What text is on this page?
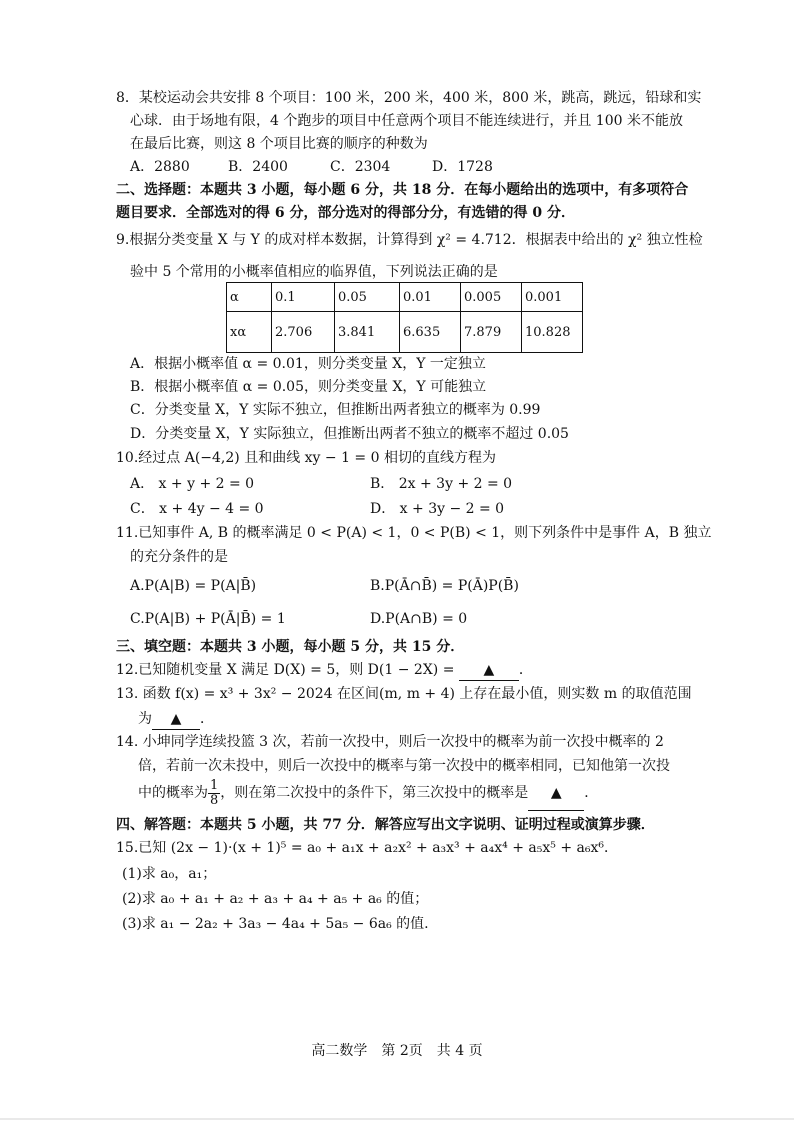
8．某校运动会共安排 8 个项目：100 米，200 米，400 米，800 米，跳高，跳远，铅球和实
心球．由于场地有限，4 个跑步的项目中任意两个项目不能连续进行，并且 100 米不能放
在最后比赛，则这 8 个项目比赛的顺序的种数为
A．2880	B．2400	C．2304	D．1728
二、选择题：本题共 3 小题，每小题 6 分，共 18 分．在每小题给出的选项中，有多项符合
题目要求．全部选对的得 6 分，部分选对的得部分分，有选错的得 0 分．
9.根据分类变量 X 与 Y 的成对样本数据，计算得到 χ² = 4.712．根据表中给出的 χ² 独立性检
验中 5 个常用的小概率值相应的临界值，下列说法正确的是
α	0.1	0.05	0.01	0.005	0.001
xα	2.706	3.841	6.635	7.879	10.828
A．根据小概率值 α = 0.01，则分类变量 X，Y 一定独立
B．根据小概率值 α = 0.05，则分类变量 X，Y 可能独立
C．分类变量 X，Y 实际不独立，但推断出两者独立的概率为 0.99
D．分类变量 X，Y 实际独立，但推断出两者不独立的概率不超过 0.05
10.经过点 A(−4,2) 且和曲线 xy − 1 = 0 相切的直线方程为
A． x + y + 2 = 0	B． 2x + 3y + 2 = 0
C． x + 4y − 4 = 0	D． x + 3y − 2 = 0
11.已知事件 A, B 的概率满足 0 < P(A) < 1，0 < P(B) < 1，则下列条件中是事件 A，B 独立
的充分条件的是
A.P(A|B) = P(A|B̄)	B.P(Ā∩B̄) = P(Ā)P(B̄)
C.P(A|B) + P(Ā|B̄) = 1	D.P(A∩B) = 0
三、填空题：本题共 3 小题，每小题 5 分，共 15 分．
12.已知随机变量 X 满足 D(X) = 5，则 D(1 − 2X) = ▲ ．
13. 函数 f(x) = x³ + 3x² − 2024 在区间(m, m + 4) 上存在最小值，则实数 m 的取值范围
为 ▲ ．
14. 小坤同学连续投篮 3 次，若前一次投中，则后一次投中的概率为前一次投中概率的 2
倍，若前一次未投中，则后一次投中的概率与第一次投中的概率相同，已知他第一次投
中的概率为 $\frac{1}{8}$ ，则在第二次投中的条件下，第三次投中的概率是 ▲ ．
四、解答题：本题共 5 小题，共 77 分．解答应写出文字说明、证明过程或演算步骤．
15.已知 (2x − 1)·(x + 1)⁵ = a₀ + a₁x + a₂x² + a₃x³ + a₄x⁴ + a₅x⁵ + a₆x⁶．
(1)求 a₀，a₁；
(2)求 a₀ + a₁ + a₂ + a₃ + a₄ + a₅ + a₆ 的值；
(3)求 a₁ − 2a₂ + 3a₃ − 4a₄ + 5a₅ − 6a₆ 的值.
高二数学　第 2页　共 4 页
